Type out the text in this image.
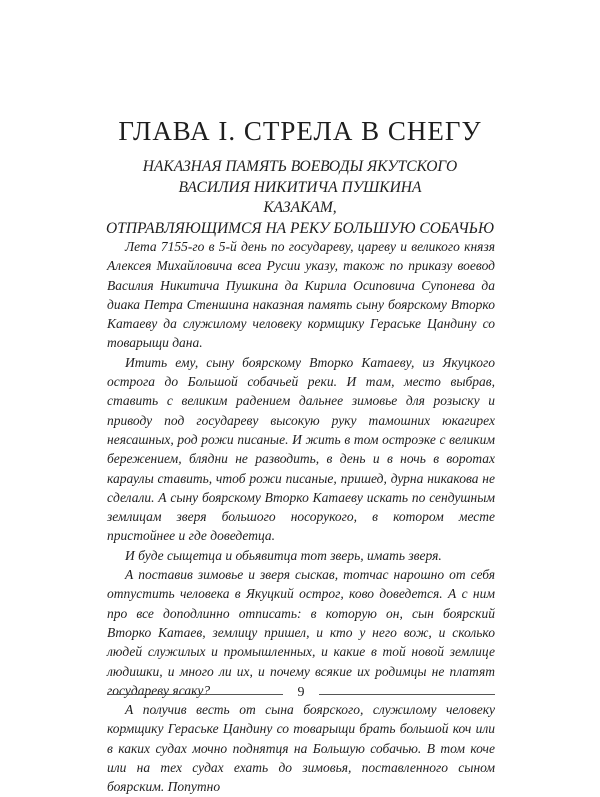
ГЛАВА I. СТРЕЛА В СНЕГУ
НАКАЗНАЯ ПАМЯТЬ ВОЕВОДЫ ЯКУТСКОГО
ВАСИЛИЯ НИКИТИЧА ПУШКИНА
КАЗАКАМ,
ОТПРАВЛЯЮЩИМСЯ НА РЕКУ БОЛЬШУЮ СОБАЧЬЮ

Лета 7155-го в 5-й день по государеву, цареву и великого князя Алексея Михайловича всеа Русии указу, також по приказу воевод Василия Никитича Пушкина да Кирила Осиповича Супонева да диака Петра Стеншина наказная память сыну боярскому Вторко Катаеву да служилому человеку кормщику Гераське Цандину со товарыщи дана.

Итить ему, сыну боярскому Вторко Катаеву, из Якуцкого острога до Большой собачьей реки. И там, место выбрав, ставить с великим радением дальнее зимовье для розыску и приводу под государеву высокую руку тамошних юкагирех неясашных, род рожи писаные. И жить в том остроэке с великим бережением, блядни не разводить, в день и в ночь в воротах караулы ставить, чтоб рожи писаные, пришед, дурна никакова не сделали. А сыну боярскому Вторко Катаеву искать по сендушным землицам зверя большого носорукого, в котором месте пристойнее и где доведетца.

И буде сыщетца и обьявитца тот зверь, имать зверя.

А поставив зимовье и зверя сыскав, тотчас нарошно от себя отпустить человека в Якуцкий острог, ково доведется. А с ним про все доподлинно отписать: в которую он, сын боярский Вторко Катаев, землицу пришел, и кто у него вож, и сколько людей служилых и промышленных, и какие в той новой землице людишки, и много ли их, и почему всякие их родимцы не платят государеву ясаку?

А получив весть от сына боярского, служилому человеку кормщику Гераське Цандину со товарыщи брать большой коч или в каких судах мочно поднятця на Большую собачью. В том коче или на тех судах ехать до зимовья, поставленного сыном боярским. Попутно

9
